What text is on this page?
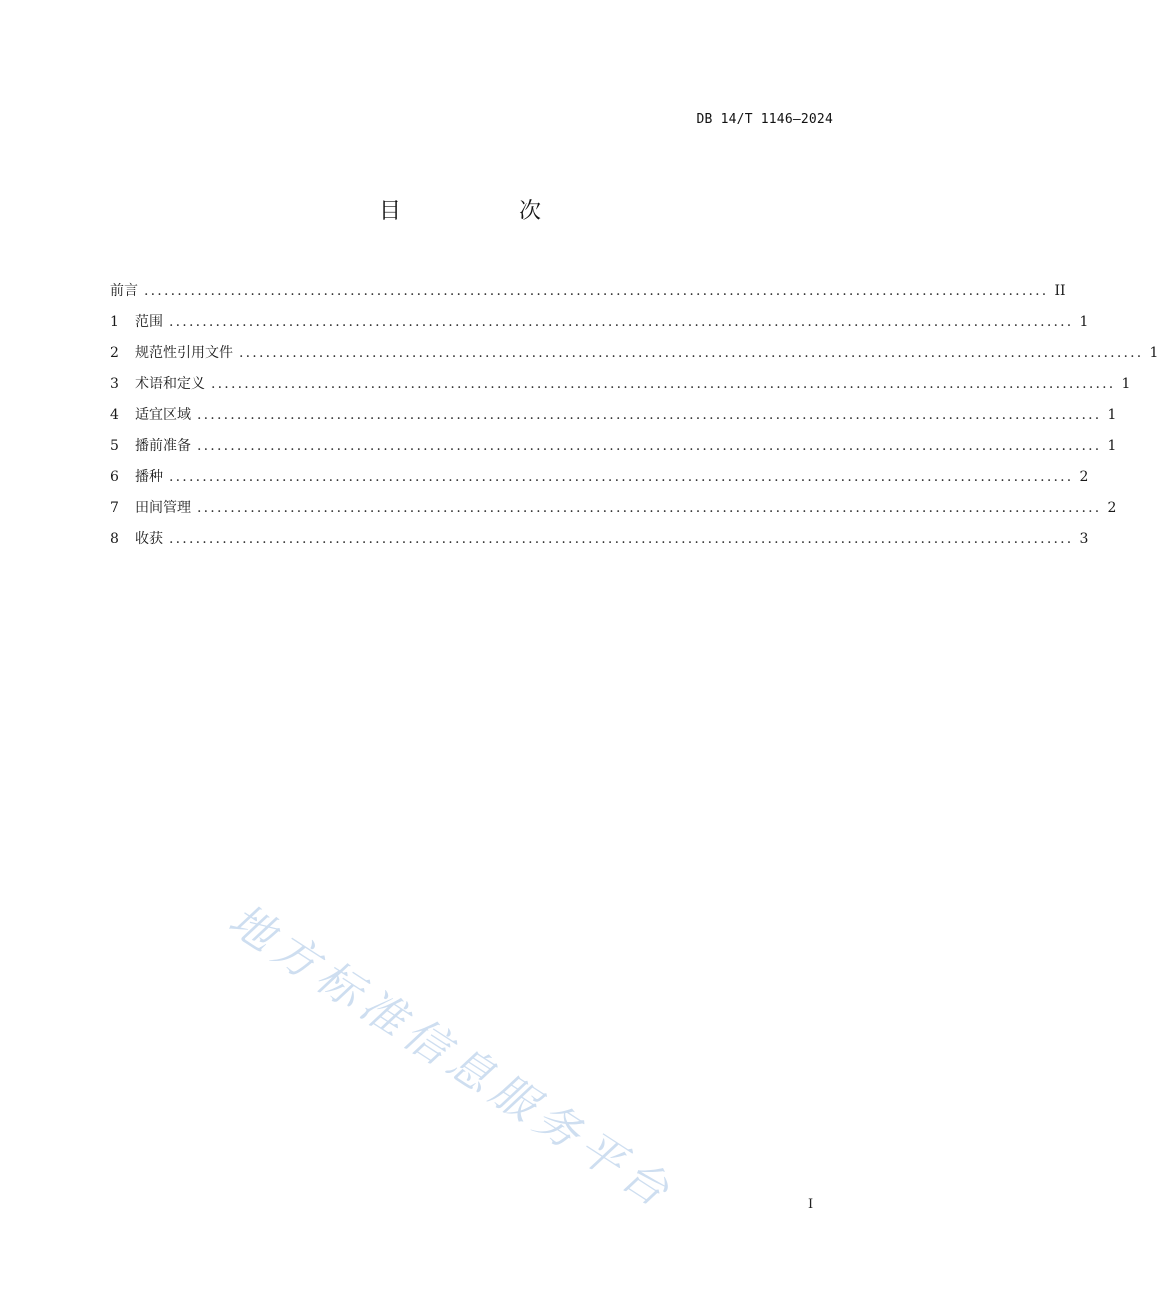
DB 14/T 1146—2024
目　次
前言 ........................................................................................................................................ II
1	范围 ........................................................................................................................................ 1
2	规范性引用文件 ........................................................................................................................................ 1
3	术语和定义 ........................................................................................................................................ 1
4	适宜区域 ........................................................................................................................................ 1
5	播前准备 ........................................................................................................................................ 1
6	播种 ........................................................................................................................................ 2
7	田间管理 ........................................................................................................................................ 2
8	收获 ........................................................................................................................................ 3
地方标准信息服务平台	I
